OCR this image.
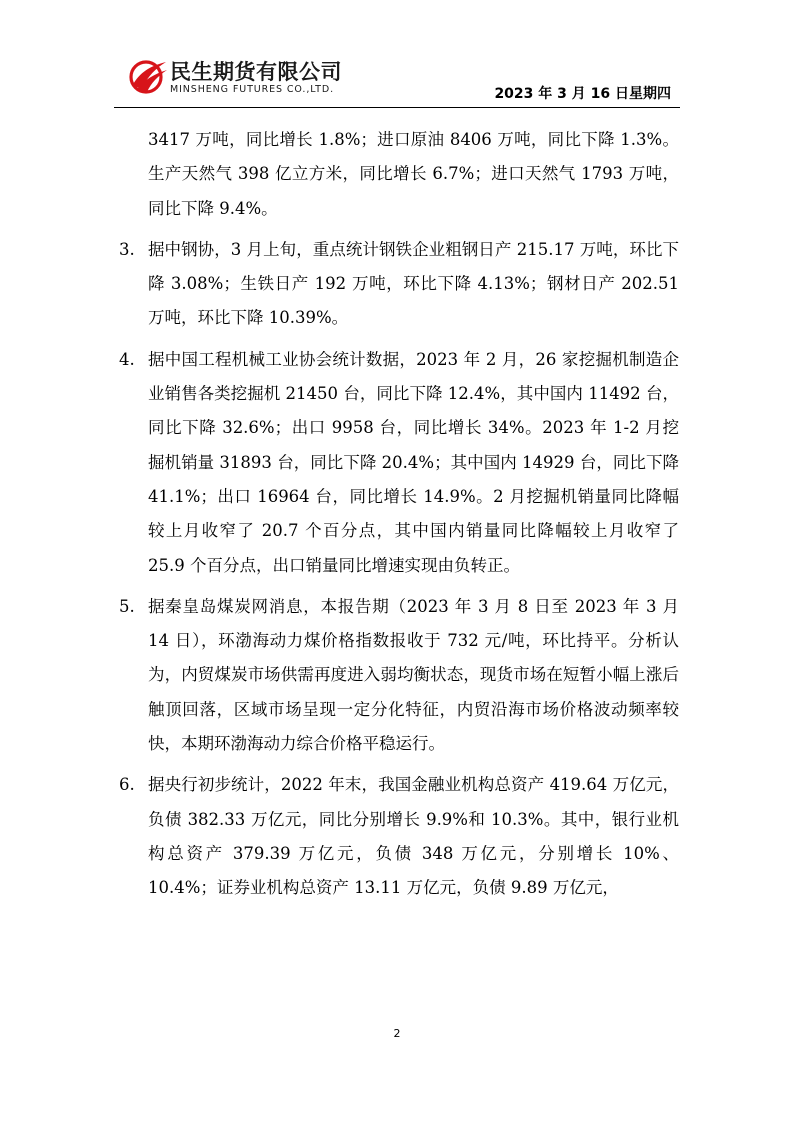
民生期货有限公司
MINSHENG FUTURES CO.,LTD.	2023 年 3 月 16 日星期四
3417 万吨，同比增长 1.8%；进口原油 8406 万吨，同比下降 1.3%。生产天然气 398 亿立方米，同比增长 6.7%；进口天然气 1793 万吨，同比下降 9.4%。
3. 据中钢协，3 月上旬，重点统计钢铁企业粗钢日产 215.17 万吨，环比下降 3.08%；生铁日产 192 万吨，环比下降 4.13%；钢材日产 202.51 万吨，环比下降 10.39%。
4. 据中国工程机械工业协会统计数据，2023 年 2 月，26 家挖掘机制造企业销售各类挖掘机 21450 台，同比下降 12.4%，其中国内 11492 台，同比下降 32.6%；出口 9958 台，同比增长 34%。2023 年 1-2 月挖掘机销量 31893 台，同比下降 20.4%；其中国内 14929 台，同比下降 41.1%；出口 16964 台，同比增长 14.9%。2 月挖掘机销量同比降幅较上月收窄了 20.7 个百分点，其中国内销量同比降幅较上月收窄了 25.9 个百分点，出口销量同比增速实现由负转正。
5. 据秦皇岛煤炭网消息，本报告期（2023 年 3 月 8 日至 2023 年 3 月 14 日），环渤海动力煤价格指数报收于 732 元/吨，环比持平。分析认为，内贸煤炭市场供需再度进入弱均衡状态，现货市场在短暂小幅上涨后触顶回落，区域市场呈现一定分化特征，内贸沿海市场价格波动频率较快，本期环渤海动力综合价格平稳运行。
6. 据央行初步统计，2022 年末，我国金融业机构总资产 419.64 万亿元，负债 382.33 万亿元，同比分别增长 9.9%和 10.3%。其中，银行业机构总资产 379.39 万亿元，负债 348 万亿元，分别增长 10%、10.4%；证券业机构总资产 13.11 万亿元，负债 9.89 万亿元，
2
